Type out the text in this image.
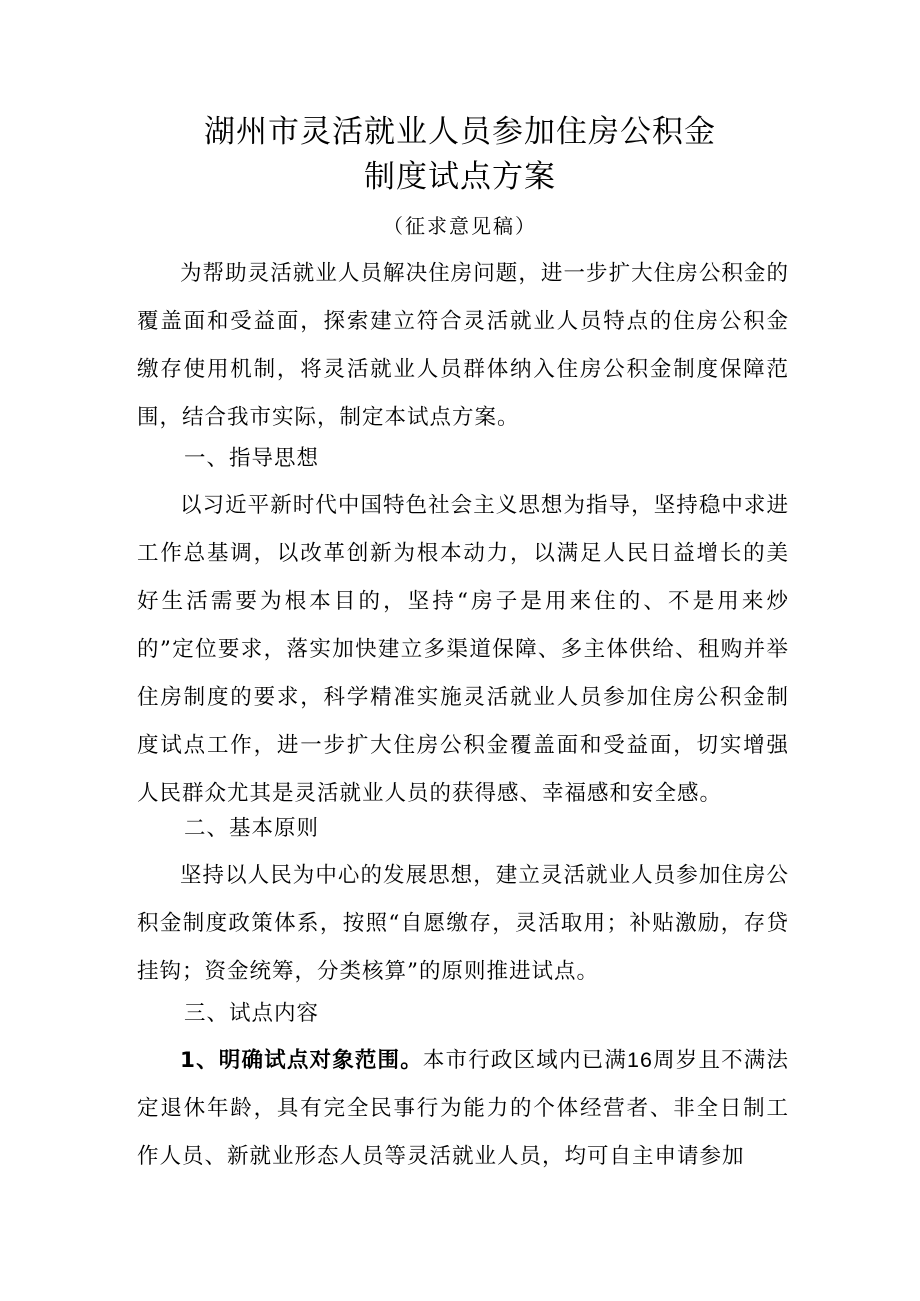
湖州市灵活就业人员参加住房公积金
制度试点方案
（征求意见稿）

为帮助灵活就业人员解决住房问题，进一步扩大住房公积金的覆盖面和受益面，探索建立符合灵活就业人员特点的住房公积金缴存使用机制，将灵活就业人员群体纳入住房公积金制度保障范围，结合我市实际，制定本试点方案。

一、指导思想

以习近平新时代中国特色社会主义思想为指导，坚持稳中求进工作总基调，以改革创新为根本动力，以满足人民日益增长的美好生活需要为根本目的，坚持“房子是用来住的、不是用来炒的”定位要求，落实加快建立多渠道保障、多主体供给、租购并举住房制度的要求，科学精准实施灵活就业人员参加住房公积金制度试点工作，进一步扩大住房公积金覆盖面和受益面，切实增强人民群众尤其是灵活就业人员的获得感、幸福感和安全感。

二、基本原则

坚持以人民为中心的发展思想，建立灵活就业人员参加住房公积金制度政策体系，按照“自愿缴存，灵活取用；补贴激励，存贷挂钩；资金统筹，分类核算”的原则推进试点。

三、试点内容

1、明确试点对象范围。本市行政区域内已满16周岁且不满法定退休年龄，具有完全民事行为能力的个体经营者、非全日制工作人员、新就业形态人员等灵活就业人员，均可自主申请参加
